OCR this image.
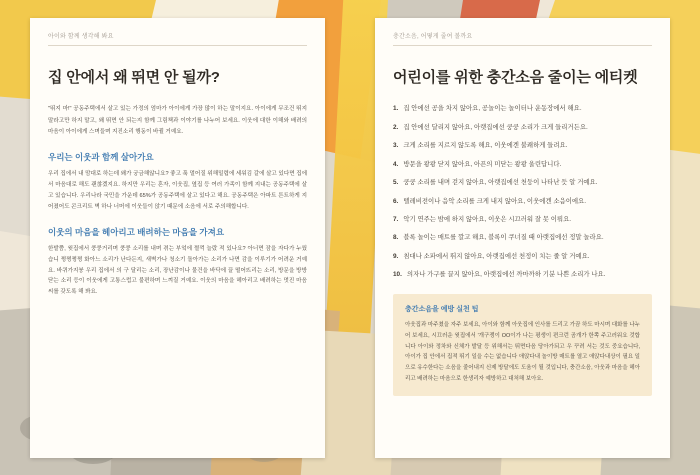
아이와 함께 생각해 봐요

집 안에서 왜 뛰면 안 될까?

"뛰지 마!" 공동주택에서 살고 있는 가정의 엄마가 아이에게 가장 많이 하는 말이지요. 아이에게 무조건 뛰지 말라고만 하지 말고, 왜 뛰면 안 되는지 함께 그림책과 이야기를 나누어 보세요. 이웃에 대한 이해와 배려의 마음이 아이에게 스며들며 지진소리 행동이 바뀔 거예요.

우리는 이웃과 함께 살아가요

우리 집에서 내 맘대로 하는데 왜가 궁금해않니요? 좋고 푹 멀어질 위해밀렵에 세워김 갈에 살고 있다면 집에서 마음대로 해도 괜찮겠지요. 하지만 우리는 혼자, 이웃집, 옆집 등 여러 가족이 함께 지내는 공동주택에 살고 있습니다. 우리나라 국민을 가운데 65%가 공동주택에 살고 있다고 해요. 공동주택은 아파트 튼트하게 지어졌어도 콘크리트 벽 하나 너머에 이웃들이 앉기 때문에 소음에 서로 주의해합니다.

이웃의 마음을 헤아리고 배려하는 마음을 가져요

한발쯤, 윗집에서 쿵쿵거리며 쿵쿵 소리를 내며 겪는 부엌에 쩔꺽 늘랐 적 있나요? 아너면 잠을 자다가 누웠습니 쩡쩡쩡쩡 화아느 소리가 난다든지, 새벽가나 청소기 돌아가는 소리가 나면 감을 이루기가 어려운 거예요. 바퀴가지붕 우리 집에서 의 구 달리는 소리, 장난감이나 물건을 바닥에 끌 떨어뜨리는 소리, 방문을 방방 닫는 소리 등이 이웃에게 고통스럽고 불편하며 느껴질 거예요. 이웃의 마음을 헤아리고 배려하는 멋진 마음씨를 갖도록 해 봐요.

충간소음, 어떻게 줄여 볼까요

어린이를 위한 충간소음 줄이는 에티켓
1. 집 안에선 공을 차지 않아요, 공놀이는 놀이터나 운동장에서 해요.
2. 집 안에선 달리지 않아요, 아랫집에선 쿵쿵 소리가 크게 들리거든요.
3. 크게 소리를 지르지 않도록 해요, 이웃에겐 불쾌하게 들려요.
4. 방문을 쾅쾅 닫지 않아요, 아픈의 미닫는 쾅쾅 울린답니다.
5. 쿵쿵 소리를 내며 걷지 않아요, 아랫집에선 천둥이 나타난 듯 알 거예요.
6. 텔레비전이나 음악 소리를 크게 내지 않아요, 이웃에겐 소음이에요.
7. 악기 연주는 밤에 하지 않아요, 이웃은 시끄러워 잘 못 이뤄요.
8. 블록 놀이는 매트를 깔고 해요, 블록이 쿠너질 때 아랫집에선 정말 놀라요.
9. 침대나 소파에서 뛰지 않아요, 아랫집에선 천정이 치는 줄 알 거예요.
10. 의자나 가구를 끌지 않아요, 아랫집에선 까마까하 기분 나쁜 소리가 나요.

충간소음을 예방 실천 팁

아웃집과 마주쳤을 자주 보세요, 아이와 함께 아웃집에 인사를 드리고 가끔 하도 마시며 대화를 나누어 보세요, 시끄러운 윗집에서 '개구쟁이 OO이가 나는 평생이 편크런 곰개가 한쪽 주고러워요 것합니다 아이와 정차와 신체가 발달 등 위해서는 뛰면다음 당아가되고 우 꾸려 서는 것도 중요습니다, 아이가 집 안에서 집적 뛰기 일을 수는 없습니다 애앉다내 놀이방 매트를 열고 애앉다내상이 필요 일으로 유수한다는 소음을 줄어내지 신제 방달에도 도움이 될 것입니다, 충간소음, 아웃과 마음을 헤아리고 배려하는 마음으로 한생리자 예방하고 대처해 보아요.
